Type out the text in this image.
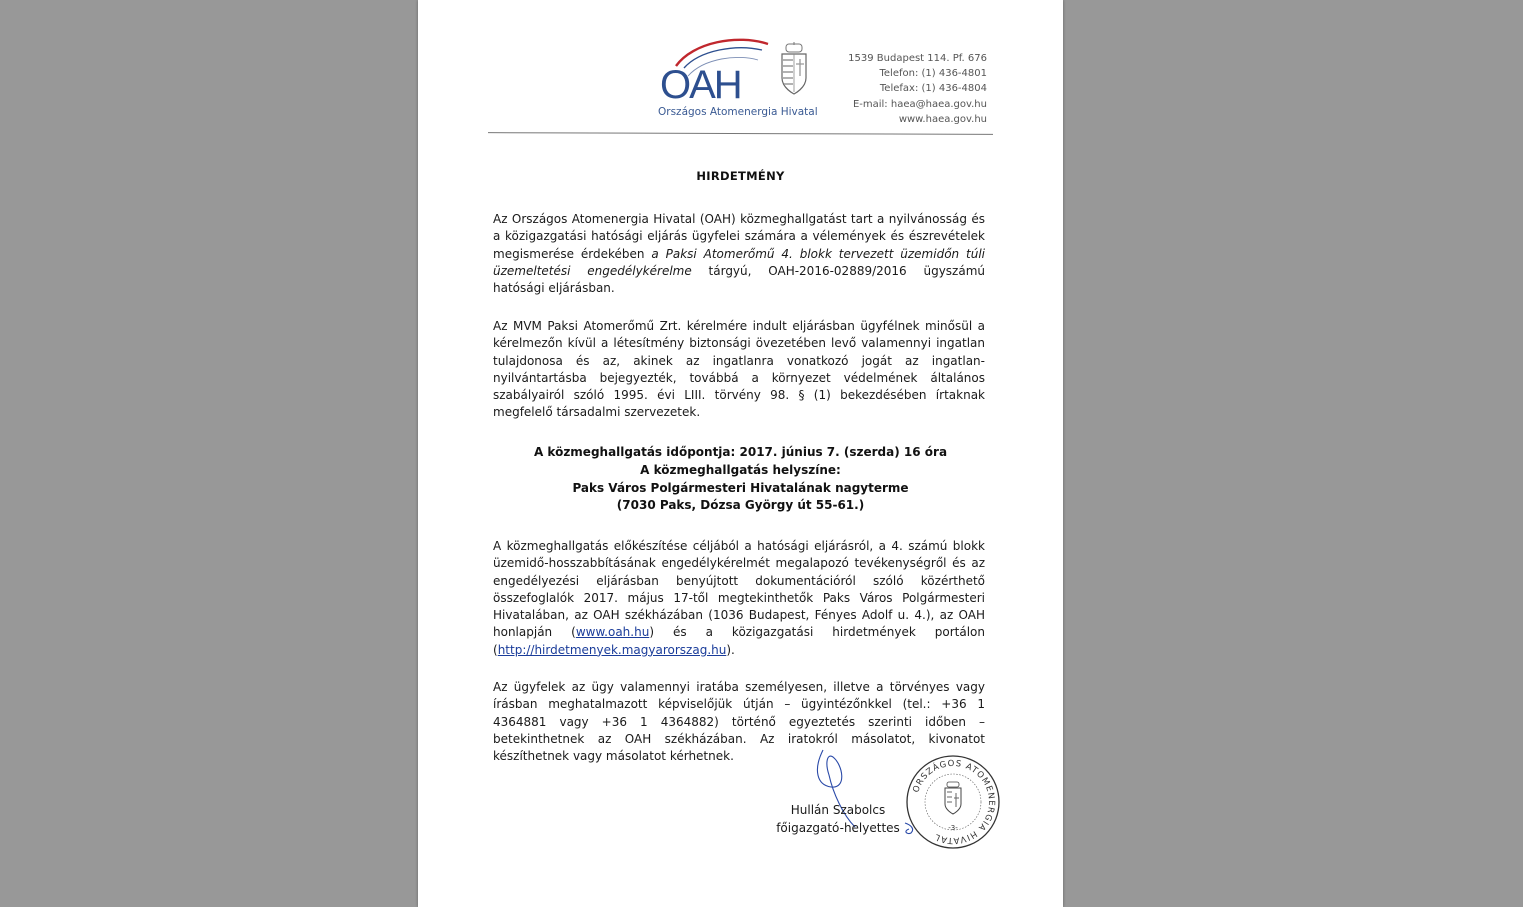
OAH
Országos Atomenergia Hivatal
1539 Budapest 114. Pf. 676
Telefon: (1) 436-4801
Telefax: (1) 436-4804
E-mail: haea@haea.gov.hu
www.haea.gov.hu
HIRDETMÉNY
Az Országos Atomenergia Hivatal (OAH) közmeghallgatást tart a nyilvánosság és a közigazgatási hatósági eljárás ügyfelei számára a vélemények és észrevételek megismerése érdekében a Paksi Atomerőmű 4. blokk tervezett üzemidőn túli üzemeltetési engedélykérelme tárgyú, OAH-2016-02889/2016 ügyszámú hatósági eljárásban.
Az MVM Paksi Atomerőmű Zrt. kérelmére indult eljárásban ügyfélnek minősül a kérelmezőn kívül a létesítmény biztonsági övezetében levő valamennyi ingatlan tulajdonosa és az, akinek az ingatlanra vonatkozó jogát az ingatlan-nyilvántartásba bejegyezték, továbbá a környezet védelmének általános szabályairól szóló 1995. évi LIII. törvény 98. § (1) bekezdésében írtaknak megfelelő társadalmi szervezetek.
A közmeghallgatás időpontja: 2017. június 7. (szerda) 16 óra
A közmeghallgatás helyszíne:
Paks Város Polgármesteri Hivatalának nagyterme
(7030 Paks, Dózsa György út 55-61.)
A közmeghallgatás előkészítése céljából a hatósági eljárásról, a 4. számú blokk üzemidő-hosszabbításának engedélykérelmét megalapozó tevékenységről és az engedélyezési eljárásban benyújtott dokumentációról szóló közérthető összefoglalók 2017. május 17-től megtekinthetők Paks Város Polgármesteri Hivatalában, az OAH székházában (1036 Budapest, Fényes Adolf u. 4.), az OAH honlapján (www.oah.hu) és a közigazgatási hirdetmények portálon (http://hirdetmenyek.magyarorszag.hu).
Az ügyfelek az ügy valamennyi iratába személyesen, illetve a törvényes vagy írásban meghatalmazott képviselőjük útján – ügyintézőnkkel (tel.: +36 1 4364881 vagy +36 1 4364882) történő egyeztetés szerinti időben – betekinthetnek az OAH székházában. Az iratokról másolatot, kivonatot készíthetnek vagy másolatot kérhetnek.
Hullán Szabolcs
főigazgató-helyettes
ORSZÁGOS ATOMENERGIA HIVATAL
-3-
